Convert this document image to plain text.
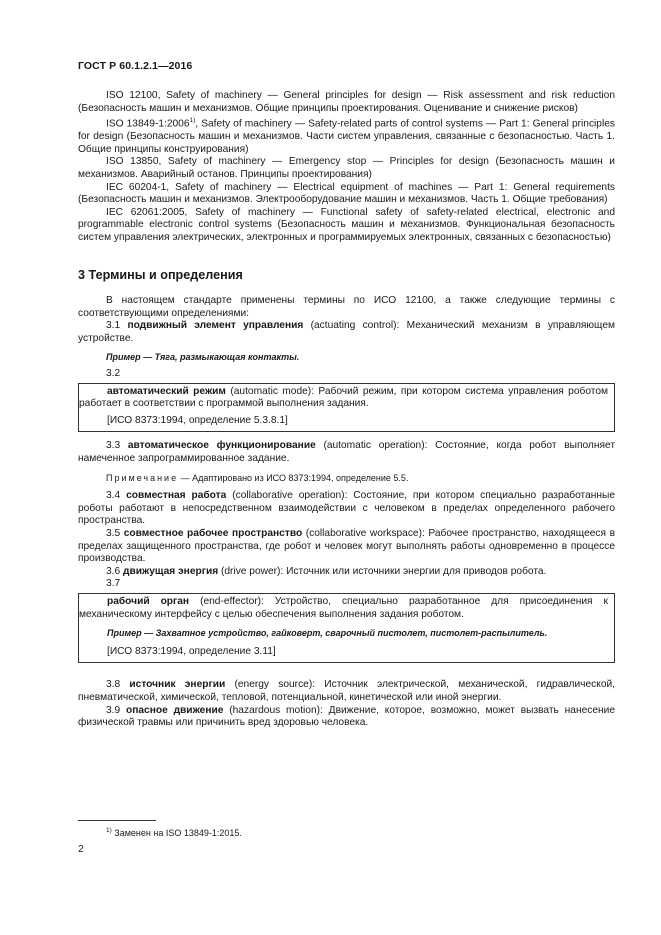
ГОСТ Р 60.1.2.1—2016

ISO 12100, Safety of machinery — General principles for design — Risk assessment and risk reduction (Безопасность машин и механизмов. Общие принципы проектирования. Оценивание и снижение рисков)

ISO 13849-1:2006$^{1)}$, Safety of machinery — Safety-related parts of control systems — Part 1: General principles for design (Безопасность машин и механизмов. Части систем управления, связанные с безопасностью. Часть 1. Общие принципы конструирования)

ISO 13850, Safety of machinery — Emergency stop — Principles for design (Безопасность машин и механизмов. Аварийный останов. Принципы проектирования)

IEC 60204-1, Safety of machinery — Electrical equipment of machines — Part 1: General requirements (Безопасность машин и механизмов. Электрооборудование машин и механизмов. Часть 1. Общие требования)

IEC 62061:2005, Safety of machinery — Functional safety of safety-related electrical, electronic and programmable electronic control systems (Безопасность машин и механизмов. Функциональная безопасность систем управления электрических, электронных и программируемых электронных, связанных с безопасностью)

3 Термины и определения

В настоящем стандарте применены термины по ИСО 12100, а также следующие термины с соответствующими определениями:

3.1 подвижный элемент управления (actuating control): Механический механизм в управляющем устройстве.

Пример — Тяга, размыкающая контакты.

3.2

автоматический режим (automatic mode): Рабочий режим, при котором система управления роботом работает в соответствии с программой выполнения задания.

[ИСО 8373:1994, определение 5.3.8.1]

3.3 автоматическое функционирование (automatic operation): Состояние, когда робот выполняет намеченное запрограммированное задание.

Примечание — Адаптировано из ИСО 8373:1994, определение 5.5.

3.4 совместная работа (collaborative operation): Состояние, при котором специально разработанные роботы работают в непосредственном взаимодействии с человеком в пределах определенного рабочего пространства.

3.5 совместное рабочее пространство (collaborative workspace): Рабочее пространство, находящееся в пределах защищенного пространства, где робот и человек могут выполнять работы одновременно в процессе производства.

3.6 движущая энергия (drive power): Источник или источники энергии для приводов робота.

3.7

рабочий орган (end-effector): Устройство, специально разработанное для присоединения к механическому интерфейсу с целью обеспечения выполнения задания роботом.

Пример — Захватное устройство, гайковерт, сварочный пистолет, пистолет-распылитель.
[ИСО 8373:1994, определение 3.11]

3.8 источник энергии (energy source): Источник электрической, механической, гидравлической, пневматической, химической, тепловой, потенциальной, кинетической или иной энергии.

3.9 опасное движение (hazardous motion): Движение, которое, возможно, может вызвать нанесение физической травмы или причинить вред здоровью человека.

$^{1)}$ Заменен на ISO 13849-1:2015.
2
